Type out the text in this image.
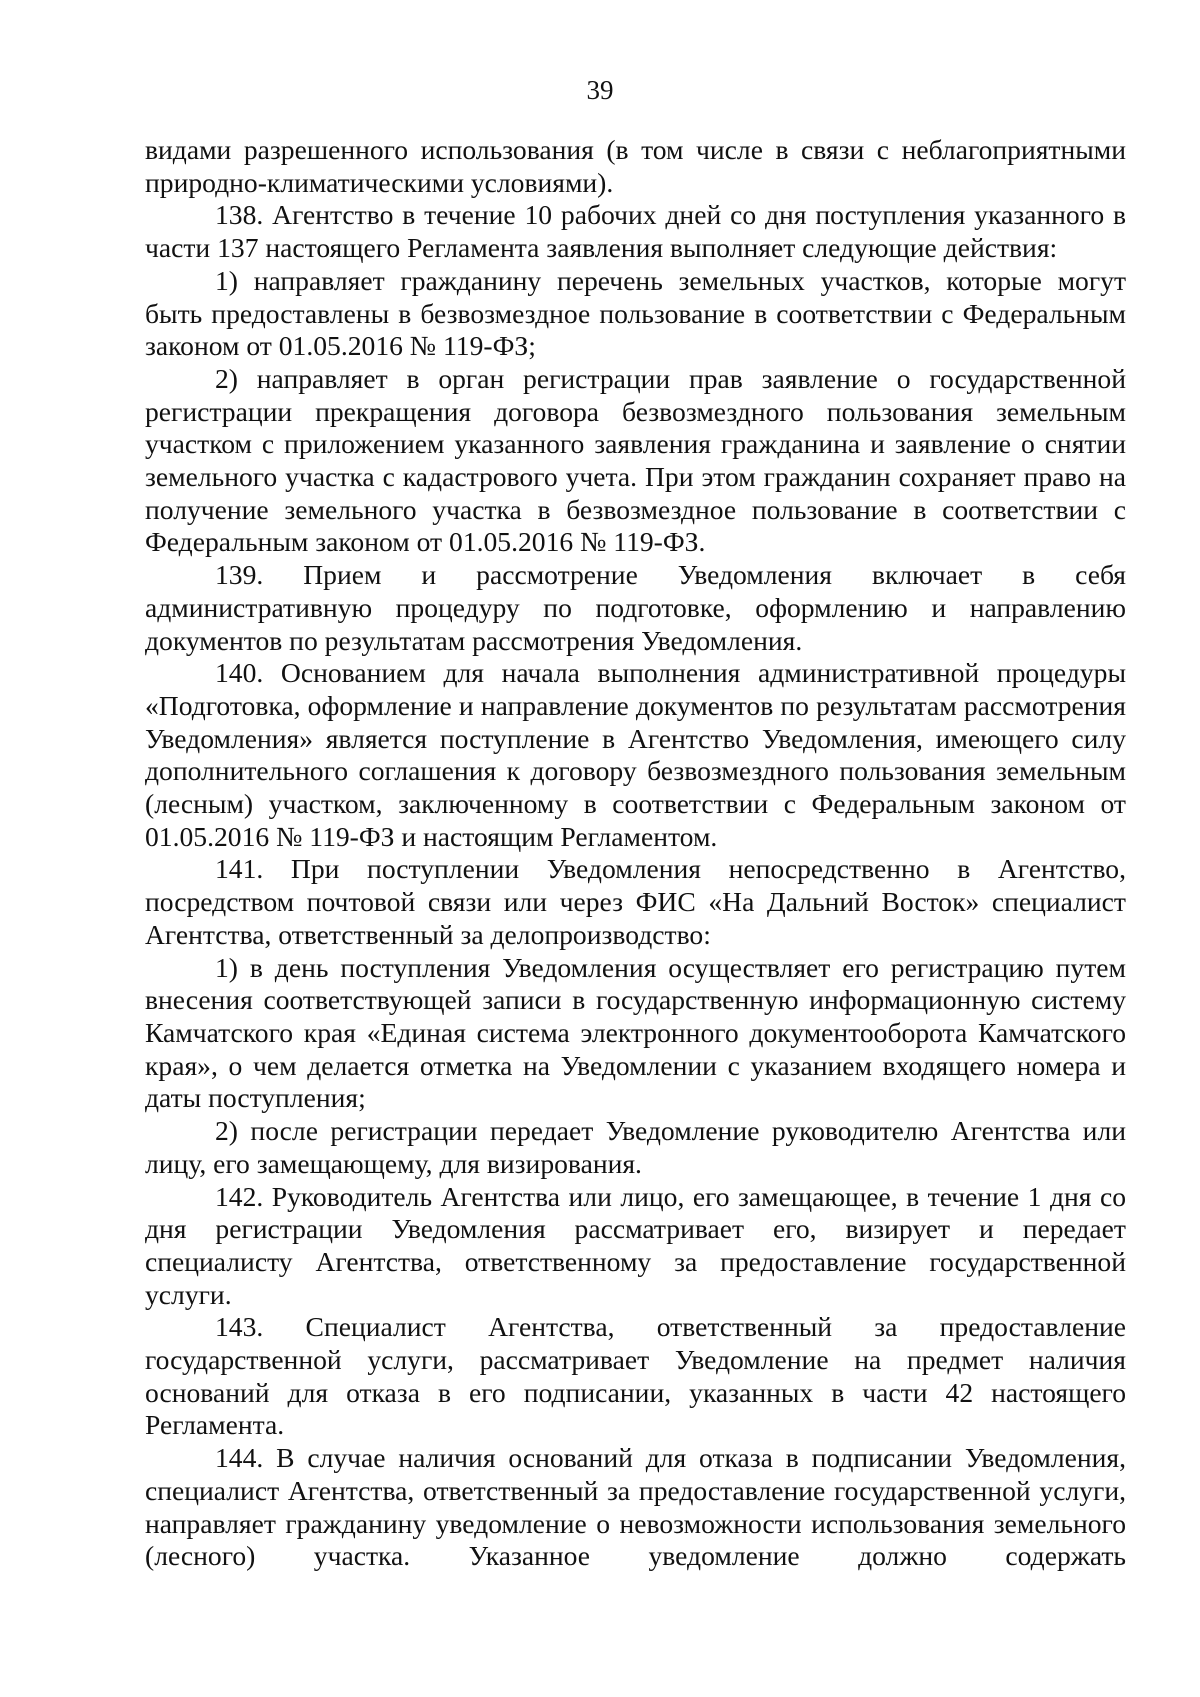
39

видами разрешенного использования (в том числе в связи с неблагоприятными природно-климатическими условиями).

138. Агентство в течение 10 рабочих дней со дня поступления указанного в части 137 настоящего Регламента заявления выполняет следующие действия:

1) направляет гражданину перечень земельных участков, которые могут быть предоставлены в безвозмездное пользование в соответствии с Федеральным законом от 01.05.2016 № 119-ФЗ;

2) направляет в орган регистрации прав заявление о государственной регистрации прекращения договора безвозмездного пользования земельным участком с приложением указанного заявления гражданина и заявление о снятии земельного участка с кадастрового учета. При этом гражданин сохраняет право на получение земельного участка в безвозмездное пользование в соответствии с Федеральным законом от 01.05.2016 № 119-ФЗ.

139. Прием и рассмотрение Уведомления включает в себя административную процедуру по подготовке, оформлению и направлению документов по результатам рассмотрения Уведомления.

140. Основанием для начала выполнения административной процедуры «Подготовка, оформление и направление документов по результатам рассмотрения Уведомления» является поступление в Агентство Уведомления, имеющего силу дополнительного соглашения к договору безвозмездного пользования земельным (лесным) участком, заключенному в соответствии с Федеральным законом от 01.05.2016 № 119-ФЗ и настоящим Регламентом.

141. При поступлении Уведомления непосредственно в Агентство, посредством почтовой связи или через ФИС «На Дальний Восток» специалист Агентства, ответственный за делопроизводство:

1) в день поступления Уведомления осуществляет его регистрацию путем внесения соответствующей записи в государственную информационную систему Камчатского края «Единая система электронного документооборота Камчатского края», о чем делается отметка на Уведомлении с указанием входящего номера и даты поступления;

2) после регистрации передает Уведомление руководителю Агентства или лицу, его замещающему, для визирования.

142. Руководитель Агентства или лицо, его замещающее, в течение 1 дня со дня регистрации Уведомления рассматривает его, визирует и передает специалисту Агентства, ответственному за предоставление государственной услуги.

143. Специалист Агентства, ответственный за предоставление государственной услуги, рассматривает Уведомление на предмет наличия оснований для отказа в его подписании, указанных в части 42 настоящего Регламента.

144. В случае наличия оснований для отказа в подписании Уведомления, специалист Агентства, ответственный за предоставление государственной услуги, направляет гражданину уведомление о невозможности использования земельного (лесного) участка. Указанное уведомление должно содержать
